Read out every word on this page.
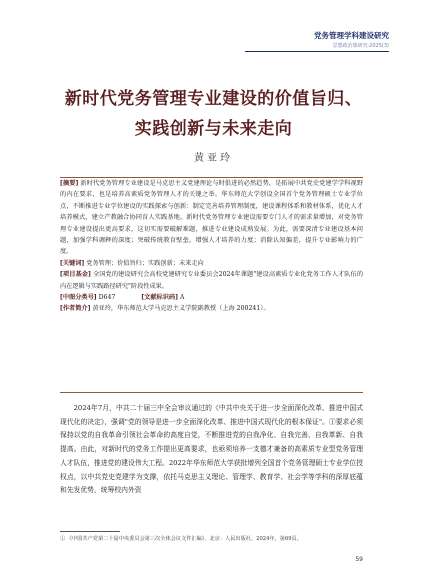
党务管理学科建设研究
思想政治课研究·2025(3)
新时代党务管理专业建设的价值旨归、
实践创新与未来走向
黄亚玲

[摘要] 新时代党务管理专业建设是马克思主义党建理论与时俱进的必然趋势，是拓展中共党史党建学学科视野的内在要求，也是培养高素质党务管理人才的关键之举。华东师范大学创设全国首个党务管理硕士专业学位点，不断推进专业学位建设的实践探索与创新：制定完善培养管理制度，建设课程体系和教材体系，优化人才培养模式，建立产教融合协同育人实践基地。新时代党务管理专业建设需要专门人才的需求量增加，对党务管理专业建设提出更高要求，这切实需要破解难题，推进专业建设成熟发展。为此，需要深清专业建设基本问题，加强学科调释的深度；突破传统教育壁垒，增强人才培养的力度；消除认知偏差，提升专业影响力的广度。

[关键词] 党务管理；价值旨归；实践创新；未来走向

[项目基金] 全国党的建设研究会高校党建研究专业委员会2024年课题"建设高素质专业化党务工作人才队伍的内在逻辑与实践路径研究"阶段性成果。

[中图分类号] D647	[文献标识码] A

[作者简介] 黄亚玲，华东师范大学马克思主义学院副教授（上海 200241）。

2024年7月，中共二十届三中全会审议通过的《中共中央关于进一步全面深化改革、推进中国式现代化的决定》，强调"党的领导是进一步全面深化改革、推进中国式现代化的根本保证"。①要求必须保持以党的自我革命引领社会革命的高度自觉，不断推进党的自我净化、自我完善、自我革新、自我提高。由此，对新时代的党务工作提出更高要求，也亟须培养一支德才兼备的高素质专业型党务管理人才队伍，推进党的建设伟大工程。2022年华东师范大学获批增列全国首个党务管理硕士专业学位授权点，以中共党史党建学为支撑，依托马克思主义理论、管理学、教育学、社会学等学科的深厚底蕴和先发优势，统筹校内外资

① 《中国共产党第二十届中央委员会第三次全体会议文件汇编》，北京：人民出版社，2024年，第69页。
59
